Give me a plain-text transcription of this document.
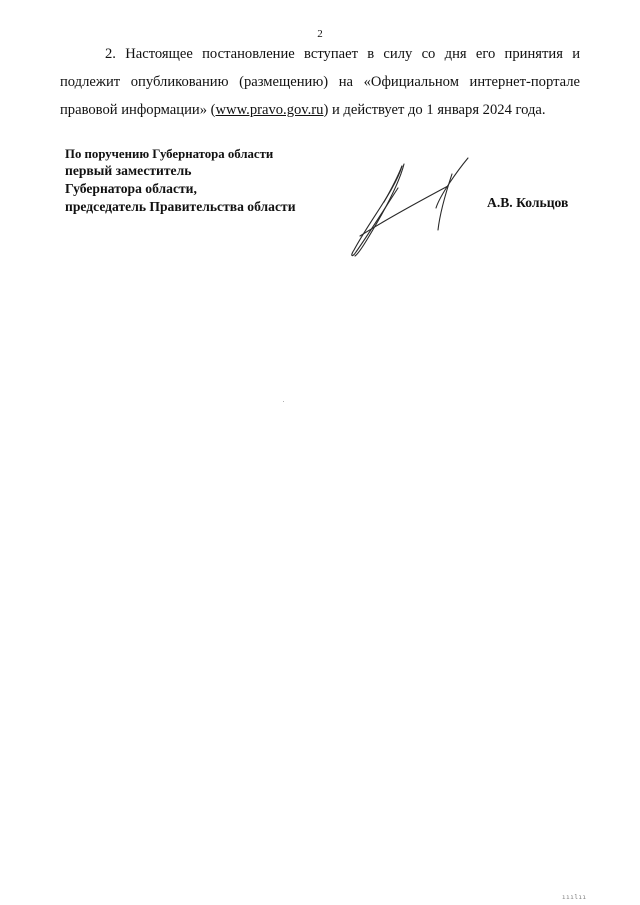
2

2. Настоящее постановление вступает в силу со дня его принятия и подлежит опубликованию (размещению) на «Официальном интернет-портале правовой информации» (www.pravo.gov.ru) и действует до 1 января 2024 года.

По поручению Губернатора области
первый заместитель
Губернатора области,
председатель Правительства области	А.В. Кольцов
ııılıı
